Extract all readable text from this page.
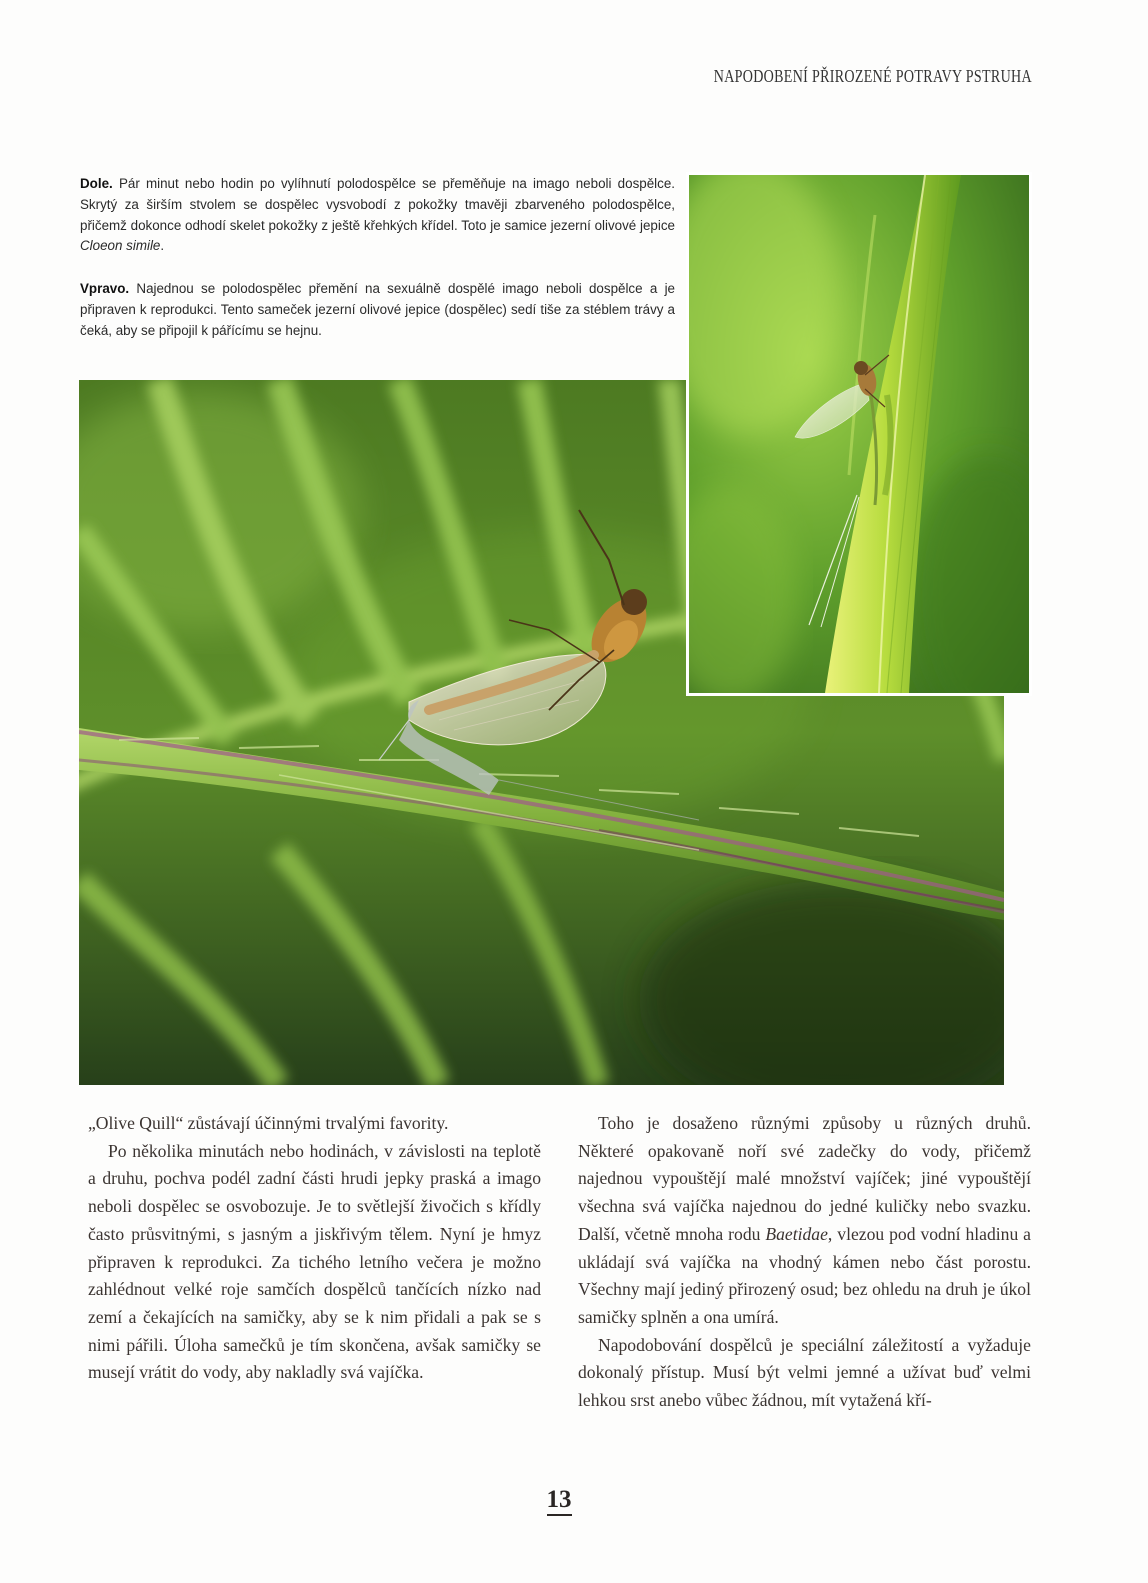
NAPODOBENÍ PŘIROZENÉ POTRAVY PSTRUHA

Dole. Pár minut nebo hodin po vylíhnutí polodospělce se přeměňuje na imago neboli dospělce. Skrytý za širším stvolem se dospělec vysvobodí z pokožky tmavěji zbarveného polodospělce, přičemž dokonce odhodí skelet pokožky z ještě křehkých křídel. Toto je samice jezerní olivové jepice Cloeon simile.

Vpravo. Najednou se polodospělec přemění na sexuálně dospělé imago neboli dospělce a je připraven k reprodukci. Tento sameček jezerní olivové jepice (dospělec) sedí tiše za stéblem trávy a čeká, aby se připojil k pářícímu se hejnu.

„Olive Quill“ zůstávají účinnými trvalými favority.

Po několika minutách nebo hodinách, v závislosti na teplotě a druhu, pochva podél zadní části hrudi jepky praská a imago neboli dospělec se osvobozuje. Je to světlejší živočich s křídly často průsvitnými, s jasným a jiskřivým tělem. Nyní je hmyz připraven k reprodukci. Za tichého letního večera je možno zahlédnout velké roje samčích dospělců tančících nízko nad zemí a čekajících na samičky, aby se k nim přidali a pak se s nimi pářili. Úloha samečků je tím skončena, avšak samičky se musejí vrátit do vody, aby nakladly svá vajíčka.

Toho je dosaženo různými způsoby u různých druhů. Některé opakovaně noří své zadečky do vody, přičemž najednou vypouštějí malé množství vajíček; jiné vypouštějí všechna svá vajíčka najednou do jedné kuličky nebo svazku. Další, včetně mnoha rodu Baetidae, vlezou pod vodní hladinu a ukládají svá vajíčka na vhodný kámen nebo část porostu. Všechny mají jediný přirozený osud; bez ohledu na druh je úkol samičky splněn a ona umírá.

Napodobování dospělců je speciální záležitostí a vyžaduje dokonalý přístup. Musí být velmi jemné a užívat buď velmi lehkou srst anebo vůbec žádnou, mít vytažená kří-

13
